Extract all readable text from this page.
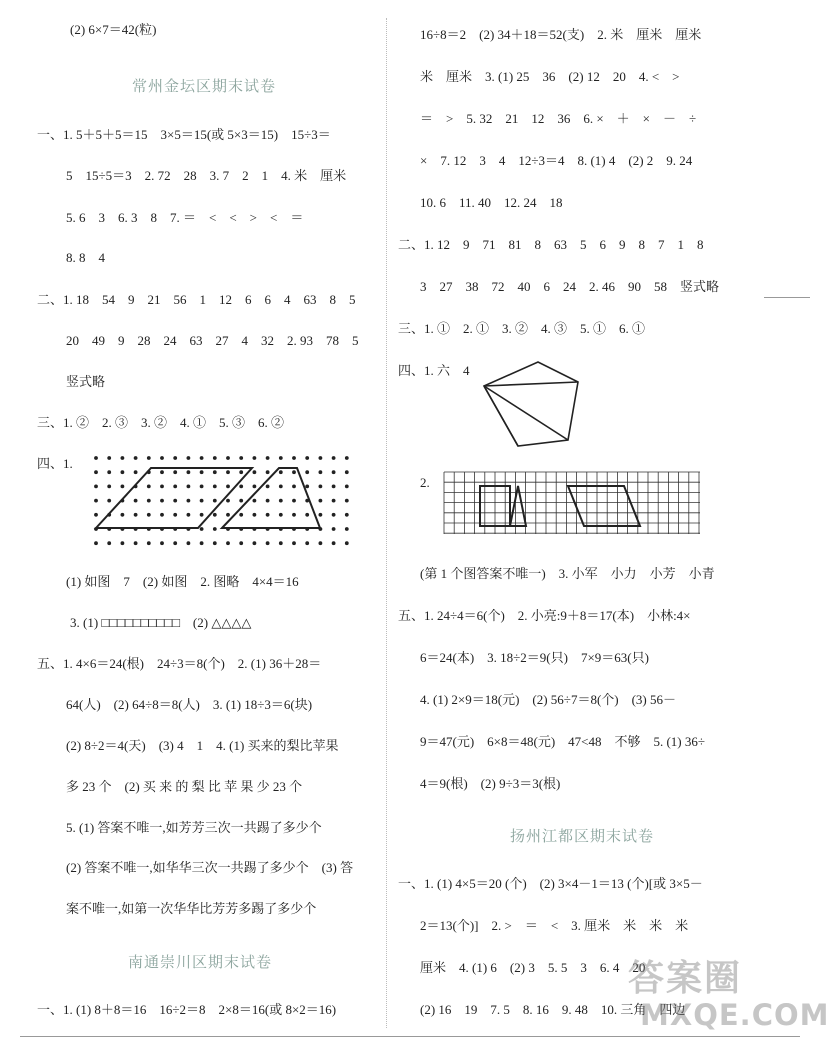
(2) 6×7＝42(粒)
常州金坛区期末试卷
一、1. 5＋5＋5＝15　3×5＝15(或 5×3＝15)　15÷3＝
5　15÷5＝3　2. 72　28　3. 7　2　1　4. 米　厘米
5. 6　3　6. 3　8　7. ＝　<　<　>　<　＝
8. 8　4
二、1. 18　54　9　21　56　1　12　6　6　4　63　8　5
20　49　9　28　24　63　27　4　32　2. 93　78　5
竖式略
三、1. ②　2. ③　3. ②　4. ①　5. ③　6. ②
四、1.
(1) 如图　7　(2) 如图　2. 图略　4×4＝16
3. (1) □□□□□□□□□□　(2) △△△△
五、1. 4×6＝24(根)　24÷3＝8(个)　2. (1) 36＋28＝
64(人)　(2) 64÷8＝8(人)　3. (1) 18÷3＝6(块)
(2) 8÷2＝4(天)　(3) 4　1　4. (1) 买来的梨比苹果
多 23 个　(2) 买 来 的 梨 比 苹 果 少 23 个
5. (1) 答案不唯一,如芳芳三次一共踢了多少个
(2) 答案不唯一,如华华三次一共踢了多少个　(3) 答
案不唯一,如第一次华华比芳芳多踢了多少个
南通崇川区期末试卷
一、1. (1) 8＋8＝16　16÷2＝8　2×8＝16(或 8×2＝16)
16÷8＝2　(2) 34＋18＝52(支)　2. 米　厘米　厘米
米　厘米　3. (1) 25　36　(2) 12　20　4. <　>
＝　>　5. 32　21　12　36　6. ×　＋　×　－　÷
×　7. 12　3　4　12÷3＝4　8. (1) 4　(2) 2　9. 24
10. 6　11. 40　12. 24　18
二、1. 12　9　71　81　8　63　5　6　9　8　7　1　8
3　27　38　72　40　6　24　2. 46　90　58　竖式略
三、1. ①　2. ①　3. ②　4. ③　5. ①　6. ①
四、1. 六　4
2.
(第 1 个图答案不唯一)　3. 小军　小力　小芳　小青
五、1. 24÷4＝6(个)　2. 小亮:9＋8＝17(本)　小林:4×
6＝24(本)　3. 18÷2＝9(只)　7×9＝63(只)
4. (1) 2×9＝18(元)　(2) 56÷7＝8(个)　(3) 56－
9＝47(元)　6×8＝48(元)　47<48　不够　5. (1) 36÷
4＝9(根)　(2) 9÷3＝3(根)
扬州江都区期末试卷
一、1. (1) 4×5＝20 (个)　(2) 3×4－1＝13 (个)[或 3×5－
2＝13(个)]　2. >　＝　<　3. 厘米　米　米　米
厘米　4. (1) 6　(2) 3　5. 5　3　6. 4　20
(2) 16　19　7. 5　8. 16　9. 48　10. 三角　四边
答案圈
MXQE.COM
